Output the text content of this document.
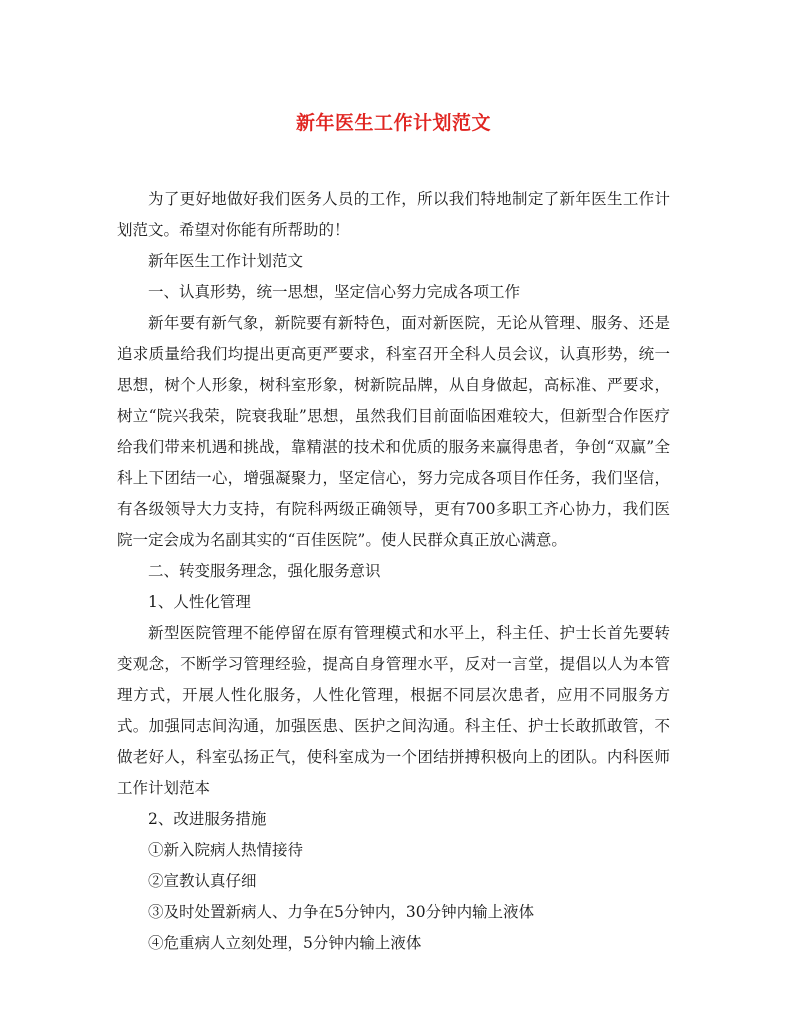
新年医生工作计划范文

为了更好地做好我们医务人员的工作，所以我们特地制定了新年医生工作计划范文。希望对你能有所帮助的！

新年医生工作计划范文

一、认真形势，统一思想，坚定信心努力完成各项工作

新年要有新气象，新院要有新特色，面对新医院，无论从管理、服务、还是追求质量给我们均提出更高更严要求，科室召开全科人员会议，认真形势，统一思想，树个人形象，树科室形象，树新院品牌，从自身做起，高标准、严要求，树立“院兴我荣，院衰我耻”思想，虽然我们目前面临困难较大，但新型合作医疗给我们带来机遇和挑战，靠精湛的技术和优质的服务来赢得患者，争创“双赢”全科上下团结一心，增强凝聚力，坚定信心，努力完成各项目作任务，我们坚信，有各级领导大力支持，有院科两级正确领导，更有700多职工齐心协力，我们医院一定会成为名副其实的“百佳医院”。使人民群众真正放心满意。

二、转变服务理念，强化服务意识

1、人性化管理

新型医院管理不能停留在原有管理模式和水平上，科主任、护士长首先要转变观念，不断学习管理经验，提高自身管理水平，反对一言堂，提倡以人为本管理方式，开展人性化服务，人性化管理，根据不同层次患者，应用不同服务方式。加强同志间沟通，加强医患、医护之间沟通。科主任、护士长敢抓敢管，不做老好人，科室弘扬正气，使科室成为一个团结拼搏积极向上的团队。内科医师工作计划范本

2、改进服务措施

①新入院病人热情接待

②宣教认真仔细

③及时处置新病人、力争在5分钟内，30分钟内输上液体

④危重病人立刻处理，5分钟内输上液体
